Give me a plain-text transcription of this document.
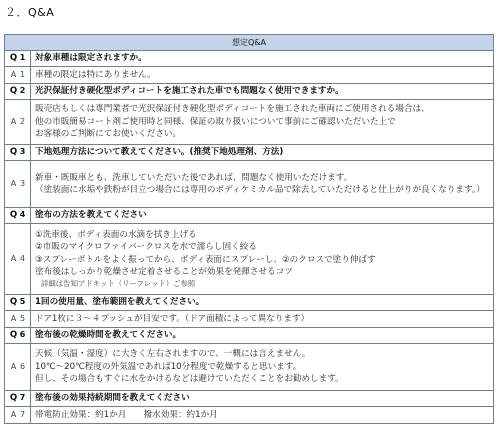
２．Q&A
想定Q&A	
Q 1	対象車種は限定されますか。
A 1	車種の限定は特にありません。

Q 2	光沢保証付き硬化型ボディコートを施工された車でも問題なく使用できますか。
A 2	販売店もしくは専門業者で光沢保証付き硬化型ボディコートを施工された車両にご使用される場合は、
他の市販簡易コート剤ご使用時と同様、保証の取り扱いについて事前にご確認いただいた上で
お客様のご判断にてお使いください。

Q 3	下地処理方法について教えてください。(推奨下地処理剤、方法)
A 3	新車・既販車とも、洗車していただいた後であれば、問題なく使用いただけます。
（塗装面に水垢や鉄粉が目立つ場合には専用のボディケミカル品で除去していただけると仕上がりが良くなります。）

Q 4	塗布の方法を教えてください
A 4	①洗車後、ボディ表面の水滴を拭き上げる
②市販のマイクロファイバークロスを水で濡らし固く絞る
③スプレーボトルをよく振ってから、ボディ表面にスプレーし、②のクロスで塗り伸ばす
塗布後はしっかり乾燥させ定着させることが効果を発揮させるコツ
詳細は告知アドキット（リーフレット）ご参照

Q 5	1回の使用量、塗布範囲を教えてください。
A 5	ドア1枚に３～４プッシュが目安です。（ドア面積によって異なります）

Q 6	塗布後の乾燥時間を教えてください。
A 6	天候（気温・湿度）に大きく左右されますので、一概には言えません。
10℃～20℃程度の外気温であれば10分程度で乾燥すると思います。
但し、その場合もすぐに水をかけるなどは避けていただくことをお勧めします。

Q 7	塗布後の効果持続期間を教えてください
A 7	帯電防止効果：約1か月　　撥水効果：約1か月
